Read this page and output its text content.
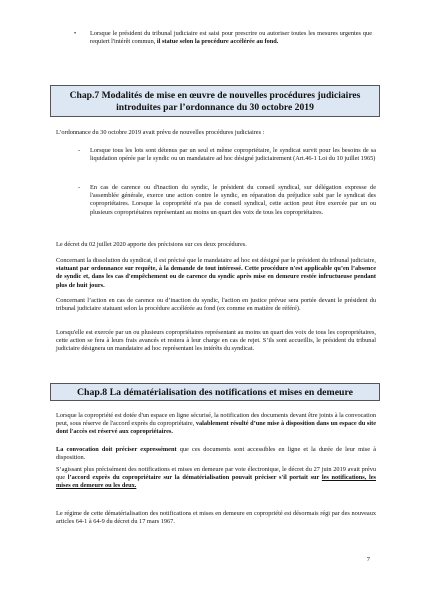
• Lorsque le président du tribunal judiciaire est saisi pour prescrire ou autoriser toutes les mesures urgentes que requiert l'intérêt commun, il statue selon la procédure accélérée au fond.

Chap.7 Modalités de mise en œuvre de nouvelles procédures judiciaires
introduites par l’ordonnance du 30 octobre 2019

L’ordonnance du 30 octobre 2019 avait prévu de nouvelles procédures judiciaires :

- Lorsque tous les lots sont détenus par un seul et même copropriétaire, le syndicat survit pour les besoins de sa liquidation opérée par le syndic ou un mandataire ad hoc désigné judiciairement (Art.46-1 Loi du 10 juillet 1965)

- En cas de carence ou d'inaction du syndic, le président du conseil syndical, sur délégation expresse de l'assemblée générale, exerce une action contre le syndic, en réparation du préjudice subi par le syndicat des copropriétaires. Lorsque la copropriété n'a pas de conseil syndical, cette action peut être exercée par un ou plusieurs copropriétaires représentant au moins un quart des voix de tous les copropriétaires.

Le décret du 02 juillet 2020 apporte des précisions sur ces deux procédures.

Concernant la dissolution du syndicat, il est précisé que le mandataire ad hoc est désigné par le président du tribunal judiciaire, statuant par ordonnance sur requête, à la demande de tout intéressé. Cette procédure n'est applicable qu’en l’absence de syndic et, dans les cas d'empêchement ou de carence du syndic après mise en demeure restée infructueuse pendant plus de huit jours.

Concernant l’action en cas de carence ou d’inaction du syndic, l'action en justice prévue sera portée devant le président du tribunal judiciaire statuant selon la procédure accélérée au fond (ex comme en matière de référé).

Lorsqu'elle est exercée par un ou plusieurs copropriétaires représentant au moins un quart des voix de tous les copropriétaires, cette action se fera à leurs frais avancés et restera à leur charge en cas de rejet. S’ils sont accueillis, le président du tribunal judiciaire désignera un mandataire ad hoc représentant les intérêts du syndicat.

Chap.8 La dématérialisation des notifications et mises en demeure

Lorsque la copropriété est dotée d'un espace en ligne sécurisé, la notification des documents devant être joints à la convocation peut, sous réserve de l'accord exprès du copropriétaire, valablement résulté d’une mise à disposition dans un espace du site dont l'accès est réservé aux copropriétaires.

La convocation doit préciser expressément que ces documents sont accessibles en ligne et la durée de leur mise à disposition.

S’agissant plus précisément des notifications et mises en demeure par voie électronique, le décret du 27 juin 2019 avait prévu que l’accord exprès du copropriétaire sur la dématérialisation pouvait préciser s'il portait sur les notifications, les mises en demeure ou les deux.

Le régime de cette dématérialisation des notifications et mises en demeure en copropriété est désormais régi par des nouveaux articles 64-1 à 64-9 du décret du 17 mars 1967.

7
